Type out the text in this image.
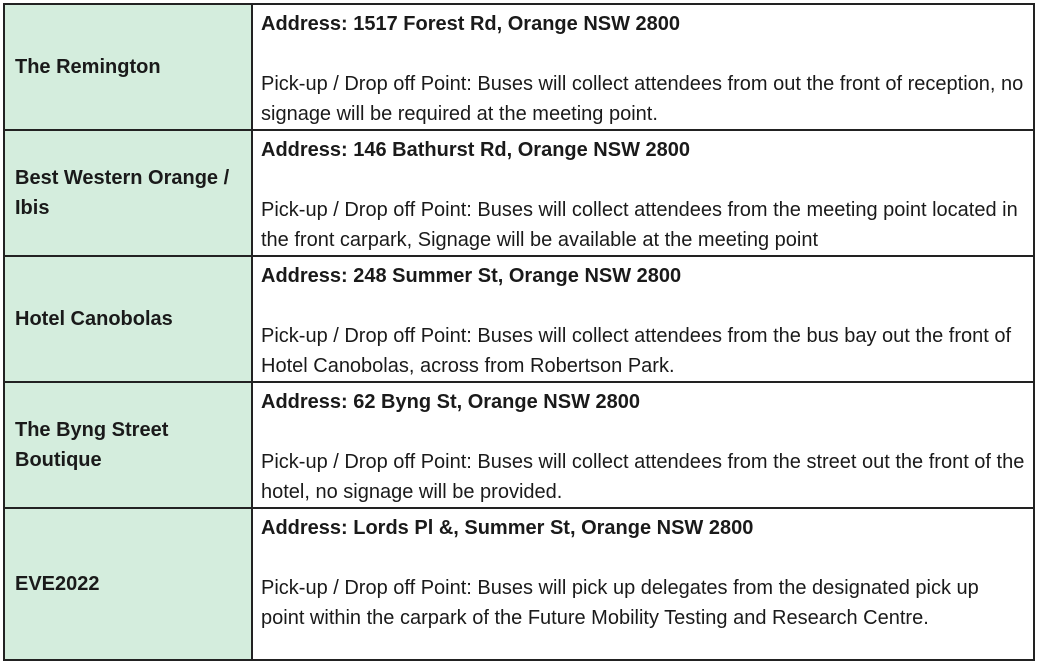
The Remington	Address: 1517 Forest Rd, Orange NSW 2800
Pick-up / Drop off Point: Buses will collect attendees from out the front of reception, no signage will be required at the meeting point.

Best Western Orange / Ibis	Address: 146 Bathurst Rd, Orange NSW 2800
Pick-up / Drop off Point: Buses will collect attendees from the meeting point located in the front carpark, Signage will be available at the meeting point

Hotel Canobolas	Address: 248 Summer St, Orange NSW 2800
Pick-up / Drop off Point: Buses will collect attendees from the bus bay out the front of Hotel Canobolas, across from Robertson Park.

The Byng Street Boutique	Address: 62 Byng St, Orange NSW 2800
Pick-up / Drop off Point: Buses will collect attendees from the street out the front of the hotel, no signage will be provided.

EVE2022	Address: Lords Pl &, Summer St, Orange NSW 2800
Pick-up / Drop off Point: Buses will pick up delegates from the designated pick up point within the carpark of the Future Mobility Testing and Research Centre.
